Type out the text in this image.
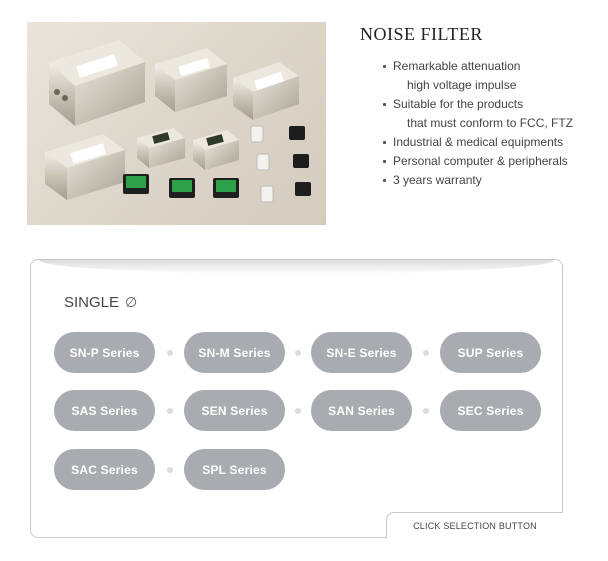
NOISE FILTER
Remarkable attenuation
high voltage impulse
Suitable for the products
that must conform to FCC, FTZ
Industrial & medical equipments
Personal computer & peripherals
3 years warranty
SINGLE ∅
SN-P Series	SN-M Series	SN-E Series	SUP Series
SAS Series	SEN Series	SAN Series	SEC Series
SAC Series	SPL Series
CLICK SELECTION BUTTON
